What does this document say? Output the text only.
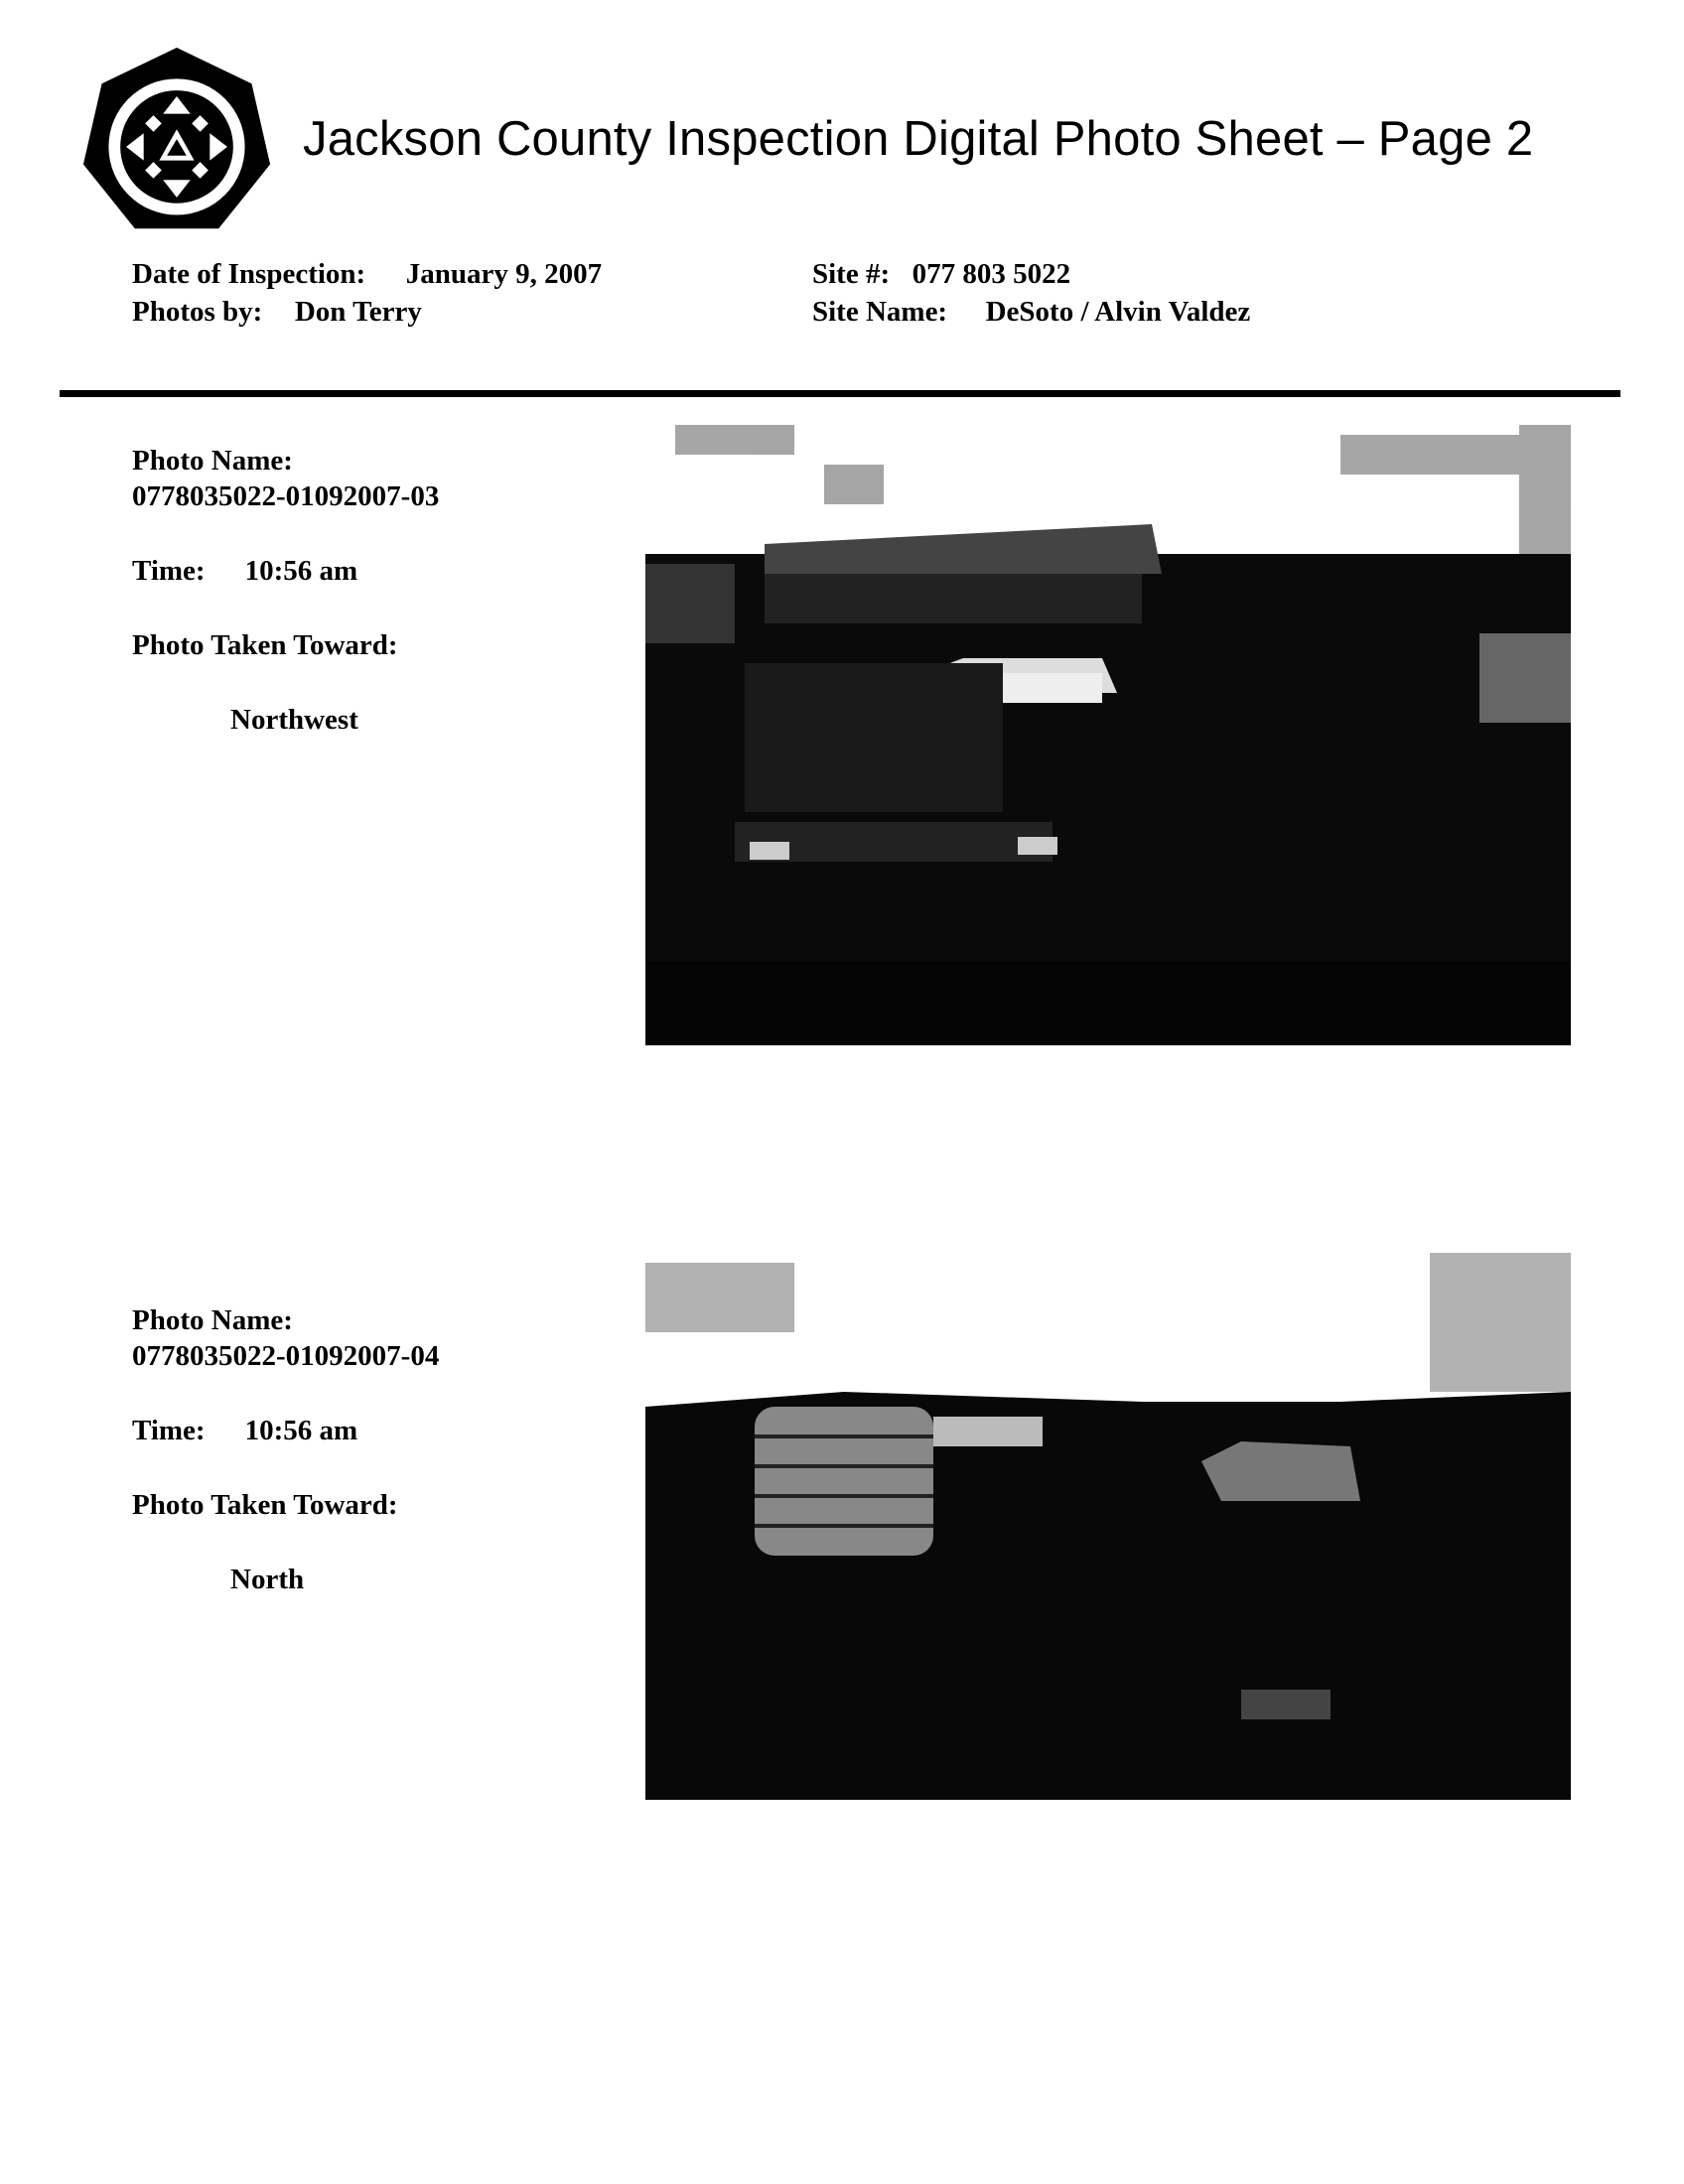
Jackson County Inspection Digital Photo Sheet – Page 2
Date of Inspection: January 9, 2007
Photos by: Don Terry
Site #: 077 803 5022
Site Name: DeSoto / Alvin Valdez
Photo Name:
0778035022-01092007-03
Time: 10:56 am
Photo Taken Toward:
Northwest
Photo Name:
0778035022-01092007-04
Time: 10:56 am
Photo Taken Toward:
North
